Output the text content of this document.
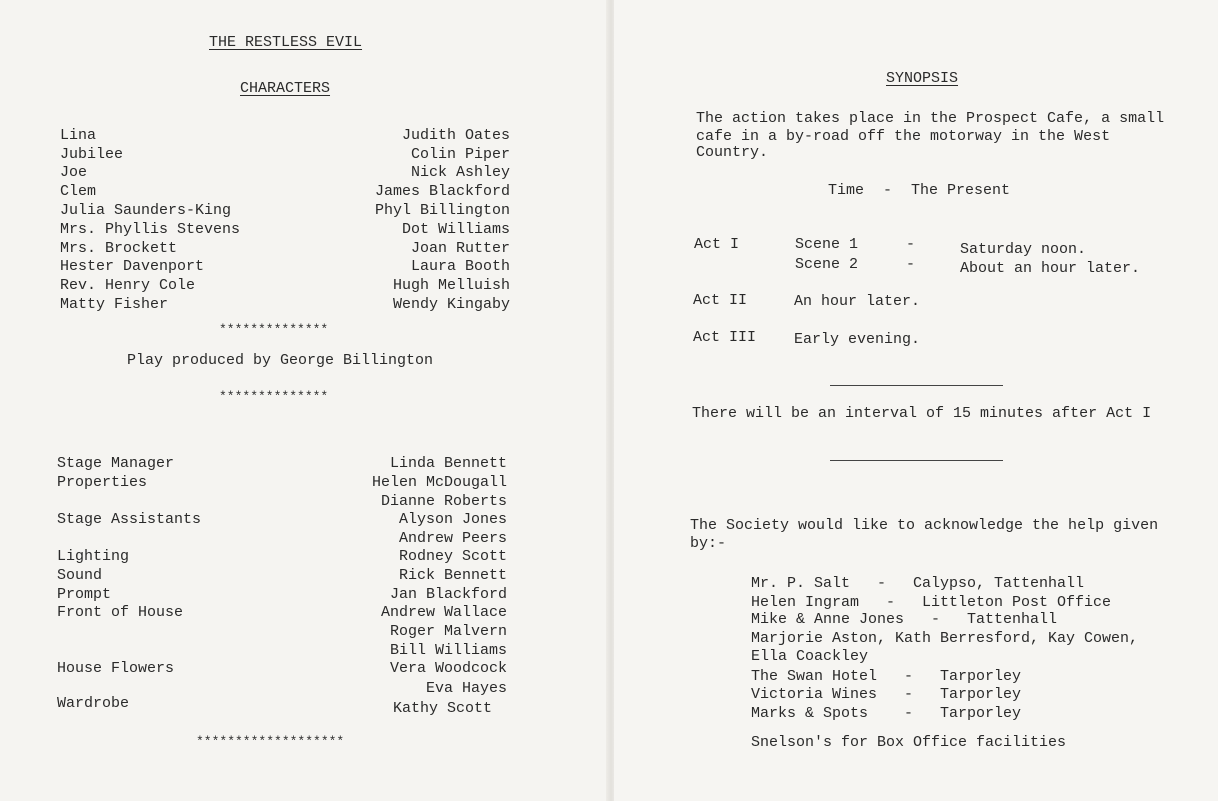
THE RESTLESS EVIL
CHARACTERS
Lina	Judith Oates
Jubilee	Colin Piper
Joe	Nick Ashley
Clem	James Blackford
Julia Saunders-King	Phyl Billington
Mrs. Phyllis Stevens	Dot Williams
Mrs. Brockett	Joan Rutter
Hester Davenport	Laura Booth
Rev. Henry Cole	Hugh Melluish
Matty Fisher	Wendy Kingaby
**************
Play produced by George Billington
**************
Stage Manager	Linda Bennett
Properties	Helen McDougall
Dianne Roberts
Stage Assistants	Alyson Jones
Andrew Peers
Lighting	Rodney Scott
Sound	Rick Bennett
Prompt	Jan Blackford
Front of House	Andrew Wallace
Roger Malvern
Bill Williams
House Flowers	Vera Woodcock
Eva Hayes
Wardrobe	Kathy Scott
*******************
SYNOPSIS
The action takes place in the Prospect Cafe, a small
cafe in a by-road off the motorway in the West
Country.
Time - The Present
Act I	Scene 1	-	Saturday noon.
Scene 2	-	About an hour later.
Act II	An hour later.
Act III	Early evening.
There will be an interval of 15 minutes after Act I
The Society would like to acknowledge the help given
by:-
Mr. P. Salt   -   Calypso, Tattenhall
Helen Ingram   -   Littleton Post Office
Mike & Anne Jones   -   Tattenhall
Marjorie Aston, Kath Berresford, Kay Cowen,
Ella Coackley
The Swan Hotel   -   Tarporley
Victoria Wines   -   Tarporley
Marks & Spots    -   Tarporley
Snelson's for Box Office facilities
